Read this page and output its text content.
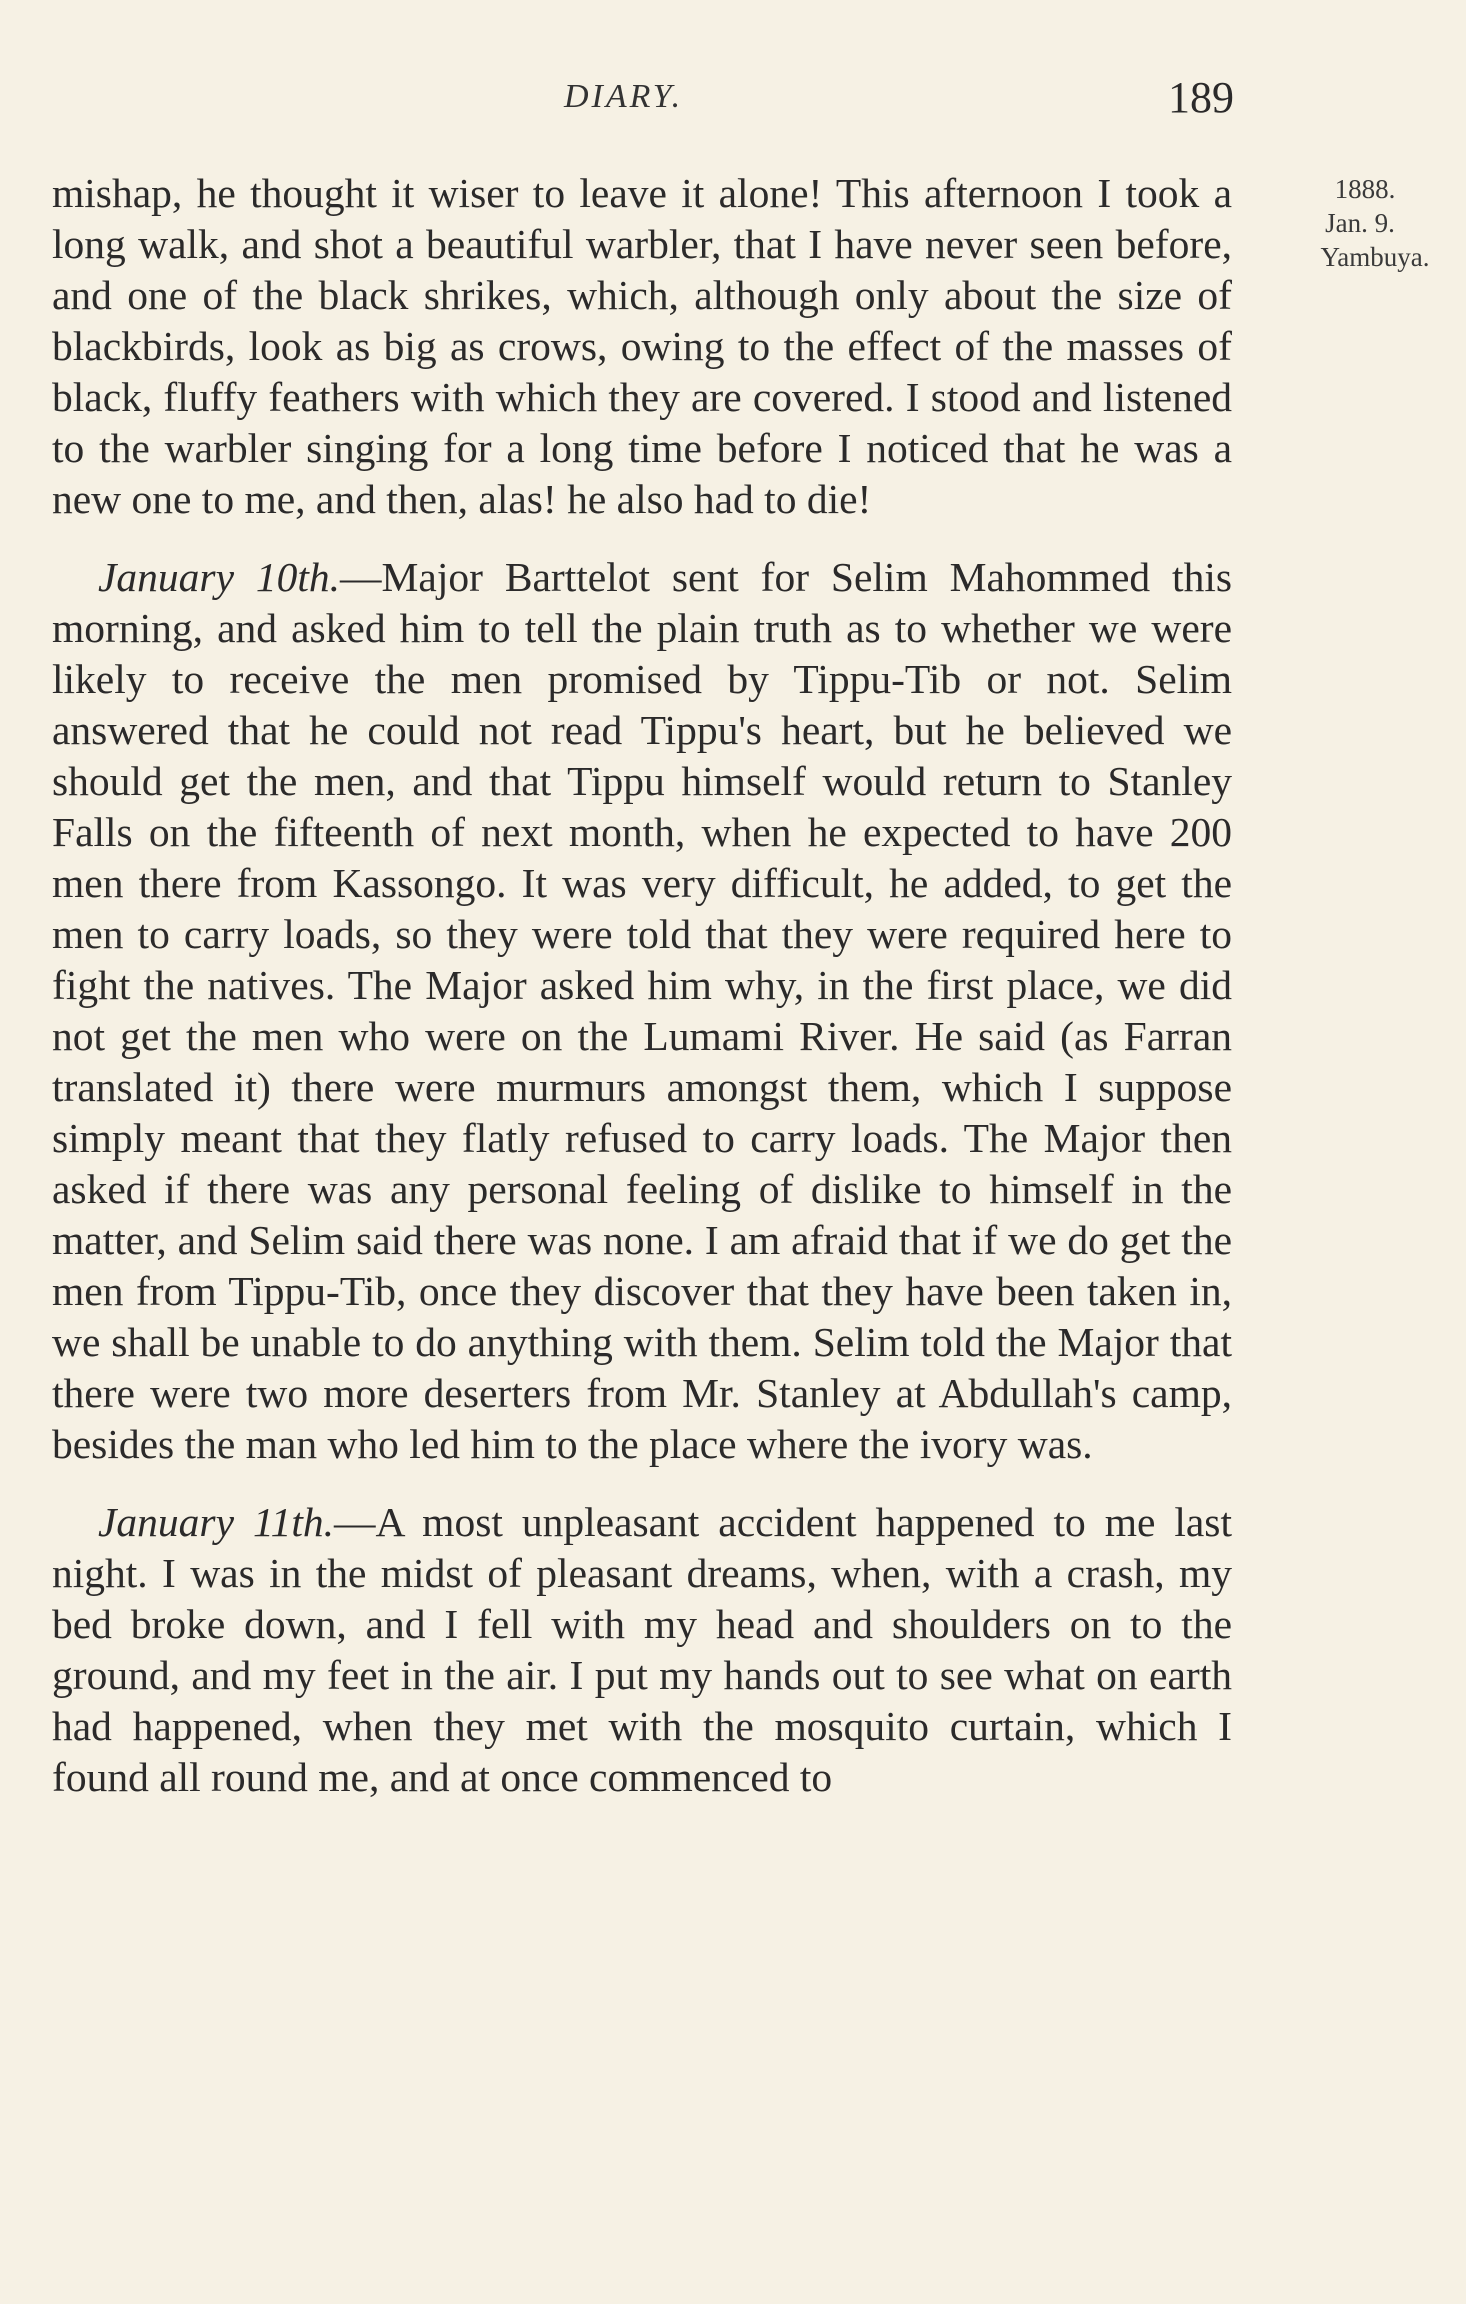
DIARY.	189
1888.
Jan. 9.
Yambuya.

mishap, he thought it wiser to leave it alone! This afternoon I took a long walk, and shot a beautiful warbler, that I have never seen before, and one of the black shrikes, which, although only about the size of blackbirds, look as big as crows, owing to the effect of the masses of black, fluffy feathers with which they are covered. I stood and listened to the warbler singing for a long time before I noticed that he was a new one to me, and then, alas! he also had to die!

January 10th.—Major Barttelot sent for Selim Mahommed this morning, and asked him to tell the plain truth as to whether we were likely to receive the men promised by Tippu-Tib or not. Selim answered that he could not read Tippu's heart, but he believed we should get the men, and that Tippu himself would return to Stanley Falls on the fifteenth of next month, when he expected to have 200 men there from Kassongo. It was very difficult, he added, to get the men to carry loads, so they were told that they were required here to fight the natives. The Major asked him why, in the first place, we did not get the men who were on the Lumami River. He said (as Farran translated it) there were murmurs amongst them, which I suppose simply meant that they flatly refused to carry loads. The Major then asked if there was any personal feeling of dislike to himself in the matter, and Selim said there was none. I am afraid that if we do get the men from Tippu-Tib, once they discover that they have been taken in, we shall be unable to do anything with them. Selim told the Major that there were two more deserters from Mr. Stanley at Abdullah's camp, besides the man who led him to the place where the ivory was.

January 11th.—A most unpleasant accident happened to me last night. I was in the midst of pleasant dreams, when, with a crash, my bed broke down, and I fell with my head and shoulders on to the ground, and my feet in the air. I put my hands out to see what on earth had happened, when they met with the mosquito curtain, which I found all round me, and at once commenced to
